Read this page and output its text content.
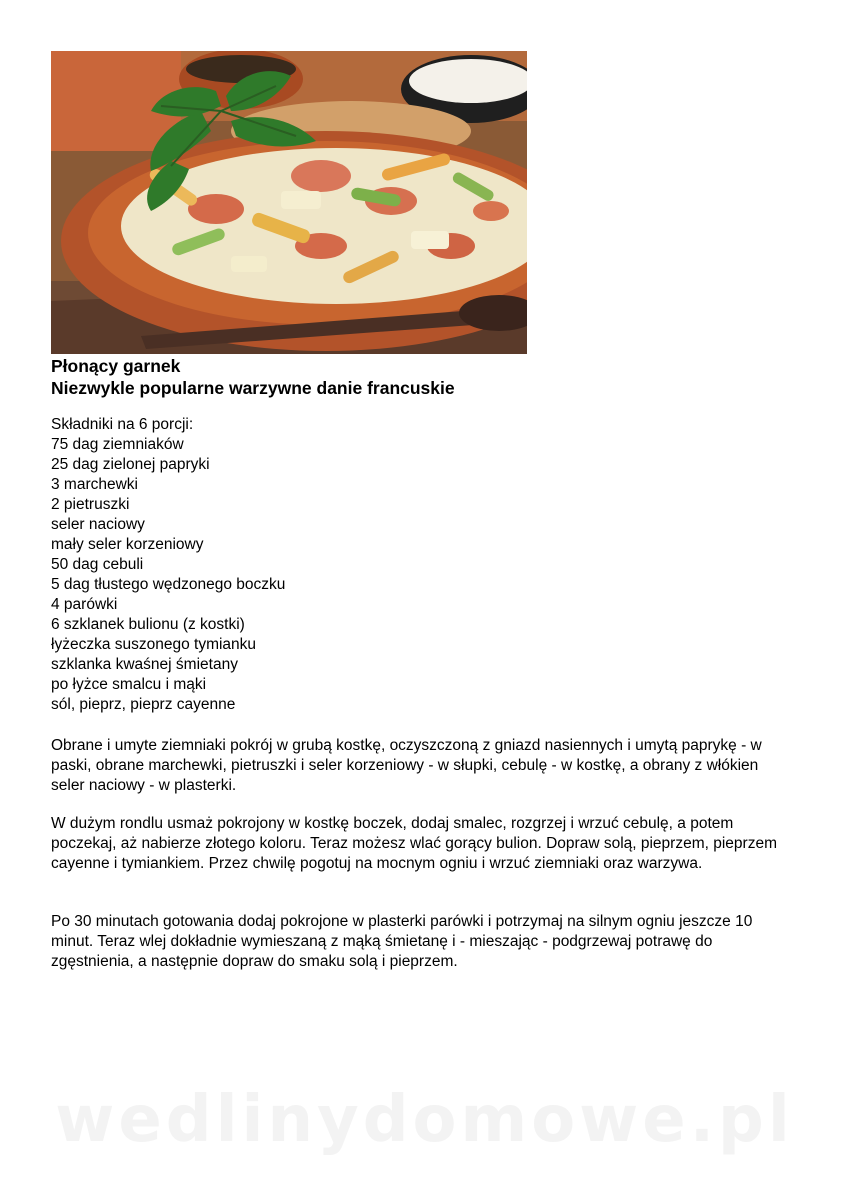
Płonący garnek

Niezwykle popularne warzywne danie francuskie

Składniki na 6 porcji:

75 dag ziemniaków

25 dag zielonej papryki

3 marchewki

2 pietruszki

seler naciowy

mały seler korzeniowy

50 dag cebuli

5 dag tłustego wędzonego boczku

4 parówki

6 szklanek bulionu (z kostki)

łyżeczka suszonego tymianku

szklanka kwaśnej śmietany

po łyżce smalcu i mąki

sól, pieprz, pieprz cayenne

Obrane i umyte ziemniaki pokrój w grubą kostkę, oczyszczoną z gniazd nasiennych i umytą paprykę - w paski, obrane marchewki, pietruszki i seler korzeniowy - w słupki, cebulę - w kostkę, a obrany z włókien seler naciowy - w plasterki.

W dużym rondlu usmaż pokrojony w kostkę boczek, dodaj smalec, rozgrzej i wrzuć cebulę, a potem poczekaj, aż nabierze złotego koloru. Teraz możesz wlać gorący bulion. Dopraw solą, pieprzem, pieprzem cayenne i tymiankiem. Przez chwilę pogotuj na mocnym ogniu i wrzuć ziemniaki oraz warzywa.

Po 30 minutach gotowania dodaj pokrojone w plasterki parówki i potrzymaj na silnym ogniu jeszcze 10 minut. Teraz wlej dokładnie wymieszaną z mąką śmietanę i - mieszając - podgrzewaj potrawę do zgęstnienia, a następnie dopraw do smaku solą i pieprzem.

wedlinydomowe.pl
